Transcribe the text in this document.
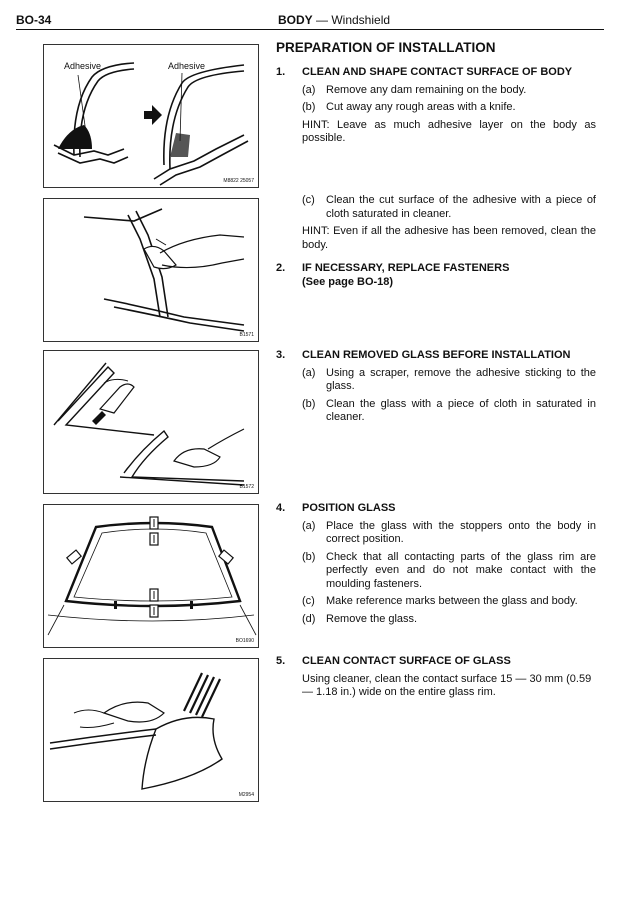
BO-34	BODY — Windshield
Adhesive	Adhesive
M8822 25057
B1571
B1572
BO1690
M2954
PREPARATION OF INSTALLATION

1. CLEAN AND SHAPE CONTACT SURFACE OF BODY

(a) Remove any dam remaining on the body.

(b) Cut away any rough areas with a knife.

HINT: Leave as much adhesive layer on the body as possible.

(c) Clean the cut surface of the adhesive with a piece of cloth saturated in cleaner.

HINT: Even if all the adhesive has been removed, clean the body.

2. IF NECESSARY, REPLACE FASTENERS
(See page BO-18)

3. CLEAN REMOVED GLASS BEFORE INSTALLATION

(a) Using a scraper, remove the adhesive sticking to the glass.

(b) Clean the glass with a piece of cloth in saturated in cleaner.

4. POSITION GLASS

(a) Place the glass with the stoppers onto the body in correct position.

(b) Check that all contacting parts of the glass rim are perfectly even and do not make contact with the moulding fasteners.

(c) Make reference marks between the glass and body.

(d) Remove the glass.

5. CLEAN CONTACT SURFACE OF GLASS

Using cleaner, clean the contact surface 15 — 30 mm (0.59 — 1.18 in.) wide on the entire glass rim.
